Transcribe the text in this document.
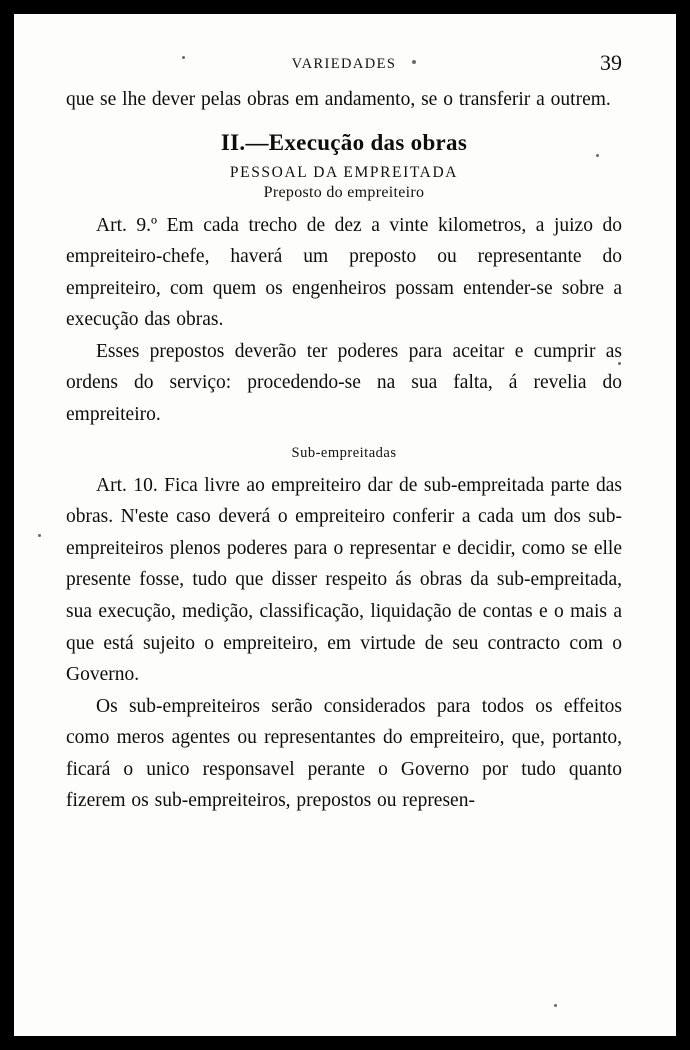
VARIEDADES	39

que se lhe dever pelas obras em andamento, se o transferir a outrem.

II.—Execução das obras
PESSOAL DA EMPREITADA
Preposto do empreiteiro

Art. 9.º Em cada trecho de dez a vinte kilometros, a juizo do empreiteiro-chefe, haverá um preposto ou representante do empreiteiro, com quem os engenheiros possam entender-se sobre a execução das obras.

Esses prepostos deverão ter poderes para aceitar e cumprir as ordens do serviço: procedendo-se na sua falta, á revelia do empreiteiro.

Sub-empreitadas

Art. 10. Fica livre ao empreiteiro dar de sub-empreitada parte das obras. N'este caso deverá o empreiteiro conferir a cada um dos sub-empreiteiros plenos poderes para o representar e decidir, como se elle presente fosse, tudo que disser respeito ás obras da sub-empreitada, sua execução, medição, classificação, liquidação de contas e o mais a que está sujeito o empreiteiro, em virtude de seu contracto com o Governo.

Os sub-empreiteiros serão considerados para todos os effeitos como meros agentes ou representantes do empreiteiro, que, portanto, ficará o unico responsavel perante o Governo por tudo quanto fizerem os sub-empreiteiros, prepostos ou represen-
